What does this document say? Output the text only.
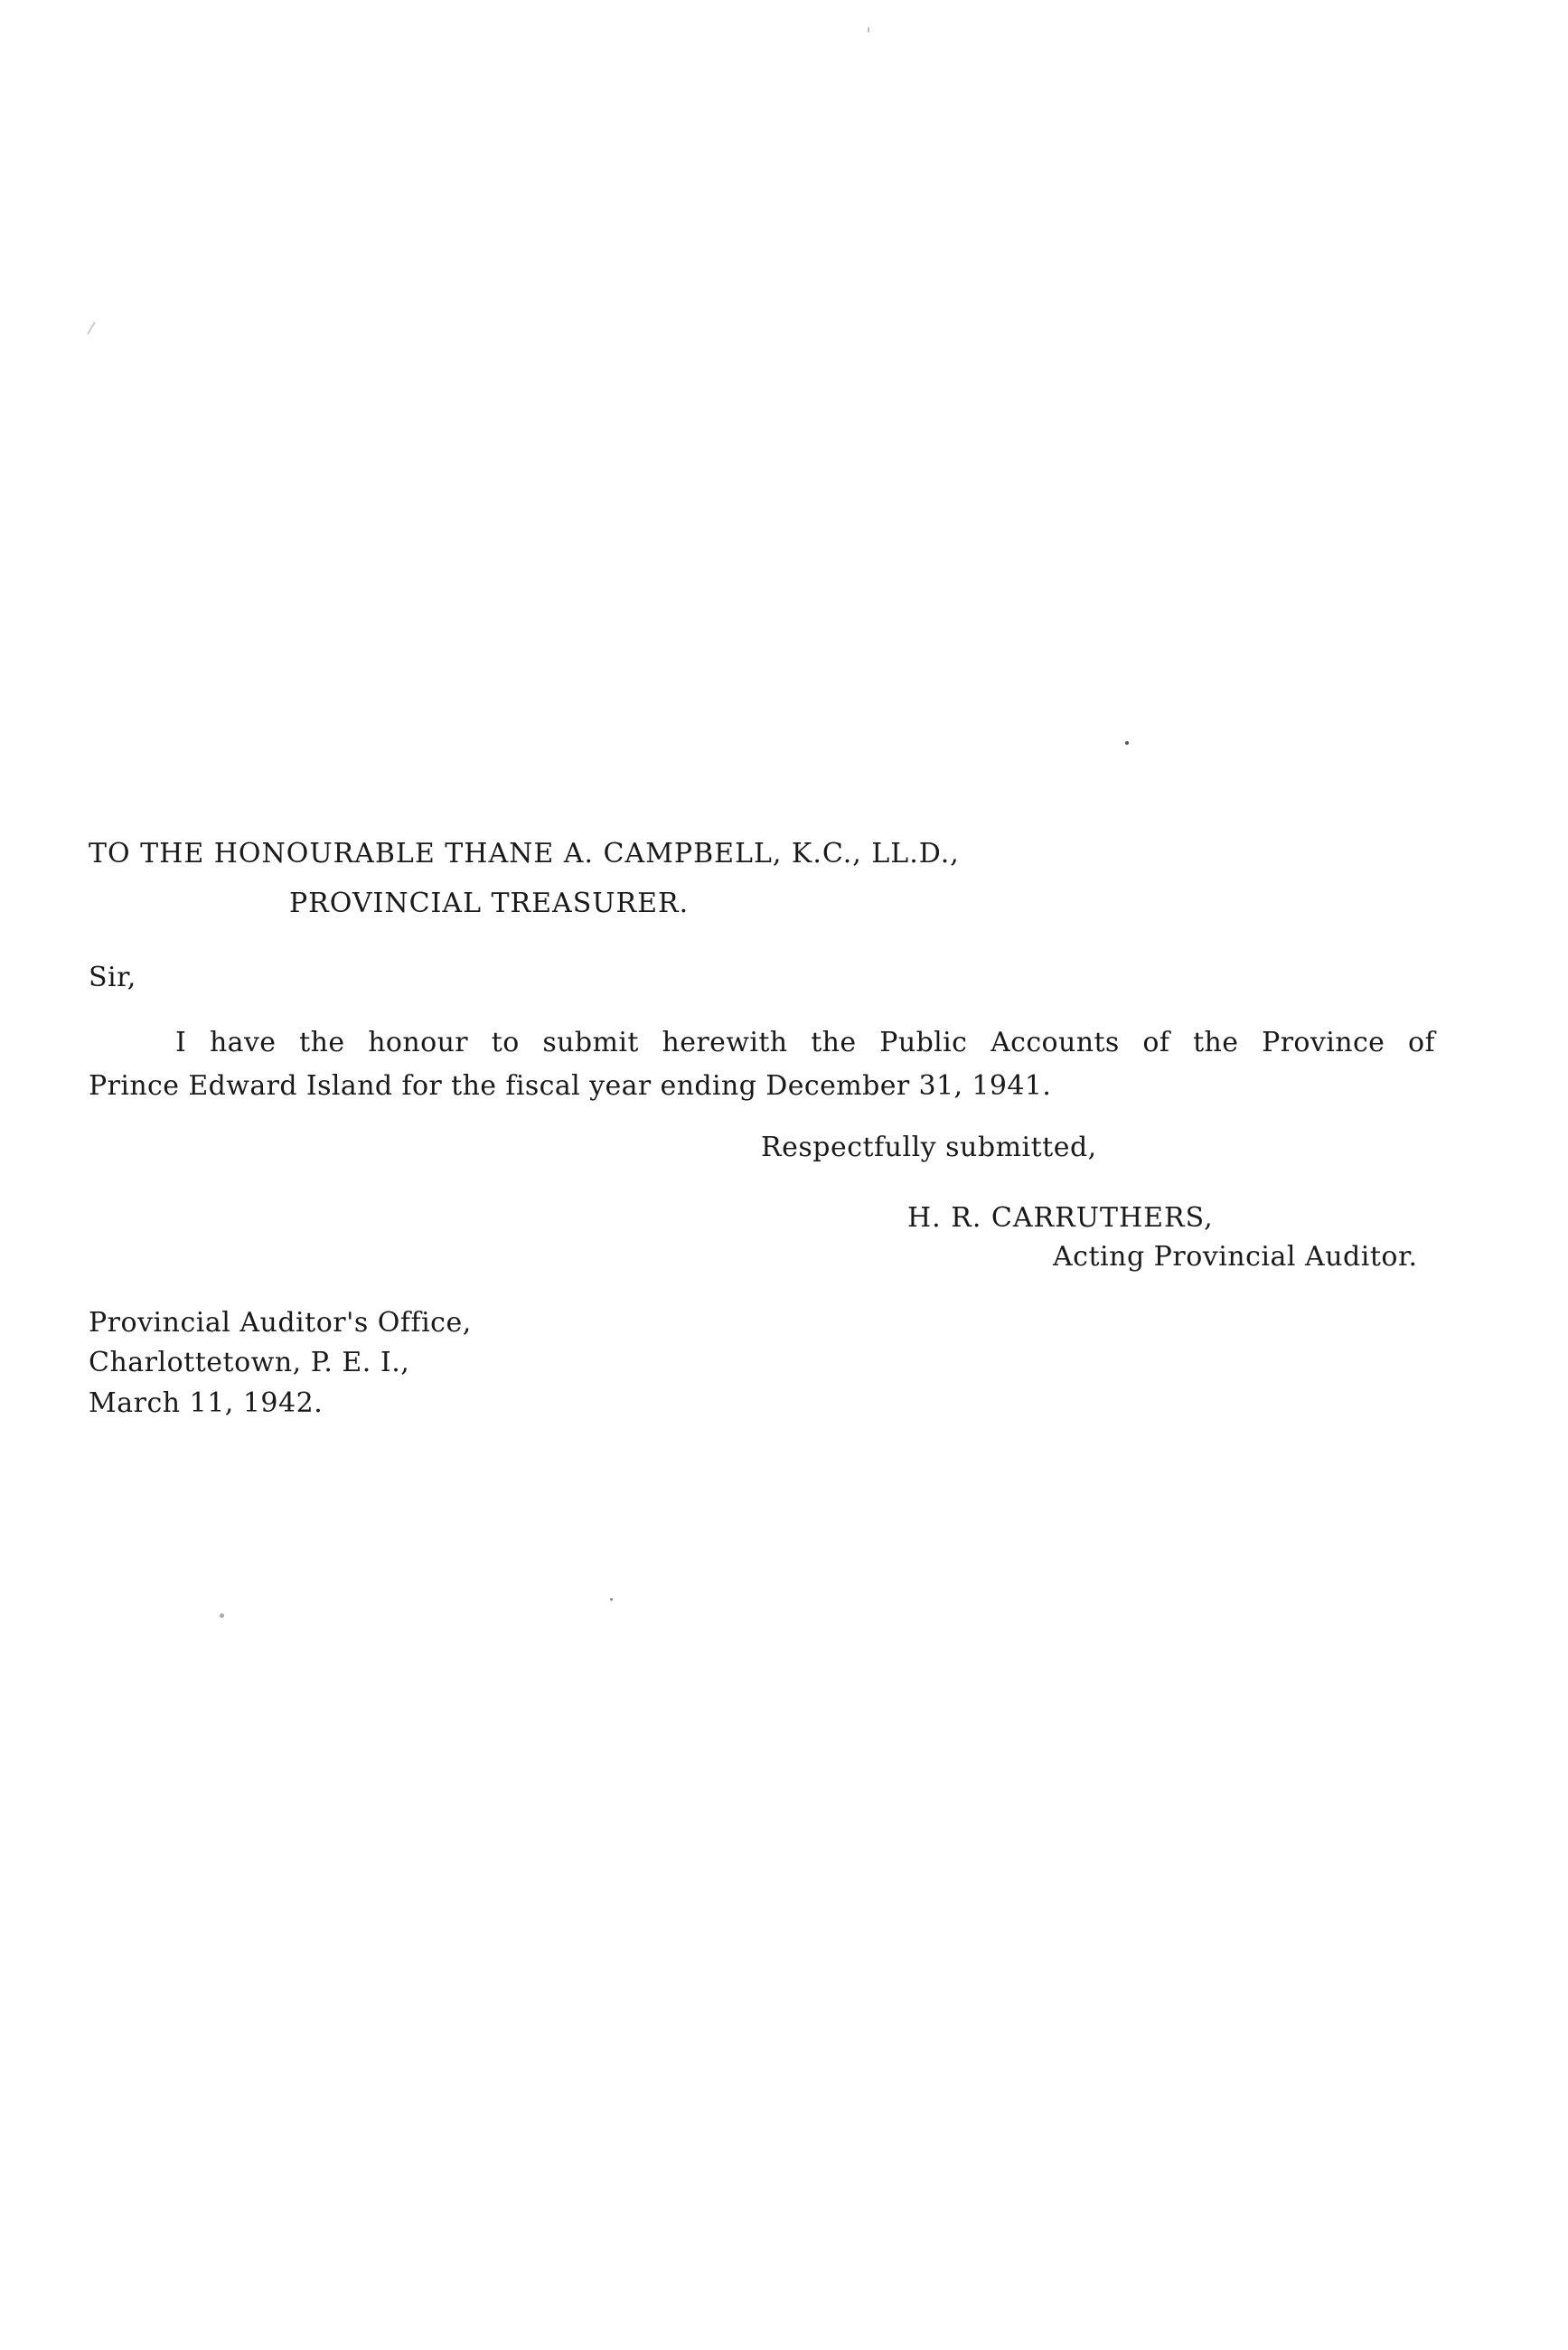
TO THE HONOURABLE THANE A. CAMPBELL, K.C., LL.D.,
PROVINCIAL TREASURER.
Sir,
I have the honour to submit herewith the Public Accounts of the Province of
Prince Edward Island for the fiscal year ending December 31, 1941.
Respectfully submitted,
H. R. CARRUTHERS,
Acting Provincial Auditor.
Provincial Auditor's Office,
Charlottetown, P. E. I.,
March 11, 1942.
